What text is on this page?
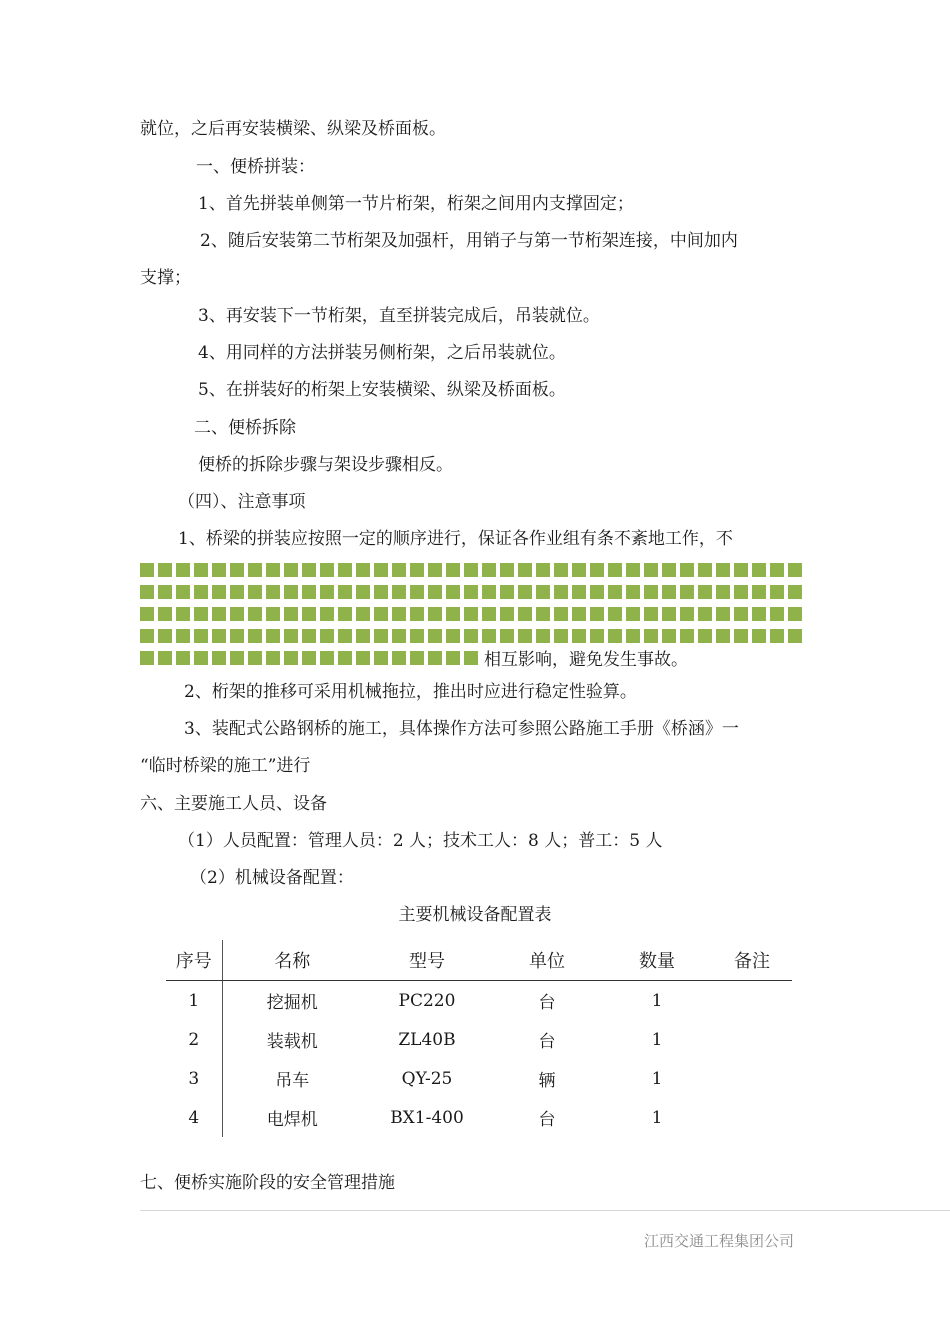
就位，之后再安装横梁、纵梁及桥面板。
一、便桥拼装：
1、首先拼装单侧第一节片桁架，桁架之间用内支撑固定；
2、随后安装第二节桁架及加强杆，用销子与第一节桁架连接，中间加内
支撑；
3、再安装下一节桁架，直至拼装完成后，吊装就位。
4、用同样的方法拼装另侧桁架，之后吊装就位。
5、在拼装好的桁架上安装横梁、纵梁及桥面板。
二、便桥拆除
便桥的拆除步骤与架设步骤相反。
（四）、注意事项
1、桥梁的拼装应按照一定的顺序进行，保证各作业组有条不紊地工作，不
相互影响，避免发生事故。
2、桁架的推移可采用机械拖拉，推出时应进行稳定性验算。
3、装配式公路钢桥的施工，具体操作方法可参照公路施工手册《桥涵》一
“临时桥梁的施工”进行
六、主要施工人员、设备
（1）人员配置：管理人员：2 人；技术工人：8 人；普工：5 人
（2）机械设备配置：
主要机械设备配置表
序号	名称	型号	单位	数量	备注
1	挖掘机	PC220	台	1	
2	装载机	ZL40B	台	1	
3	吊车	QY-25	辆	1	
4	电焊机	BX1-400	台	1	
七、便桥实施阶段的安全管理措施
江西交通工程集团公司
